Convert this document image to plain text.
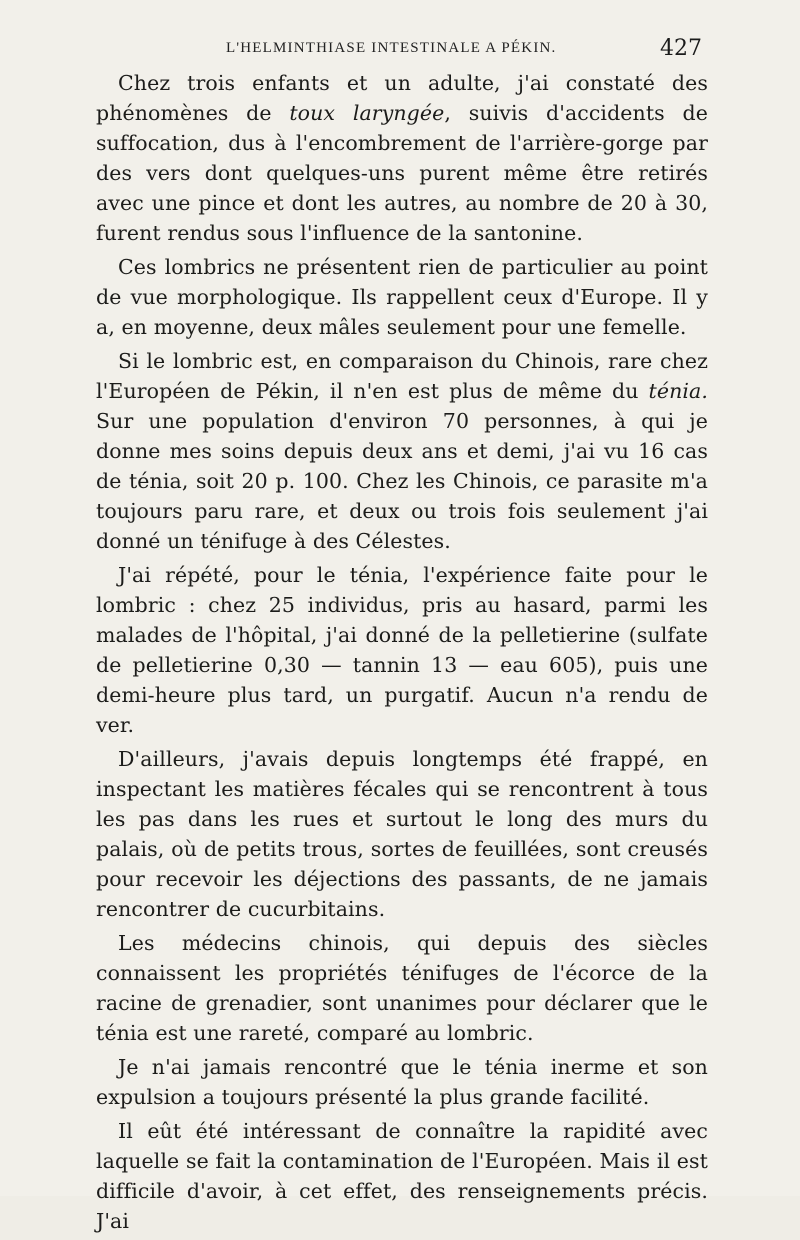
L'HELMINTHIASE INTESTINALE A PÉKIN.	427

Chez trois enfants et un adulte, j'ai constaté des phénomènes de toux laryngée, suivis d'accidents de suffocation, dus à l'encombrement de l'arrière-gorge par des vers dont quelques-uns purent même être retirés avec une pince et dont les autres, au nombre de 20 à 30, furent rendus sous l'influence de la santonine.

Ces lombrics ne présentent rien de particulier au point de vue morphologique. Ils rappellent ceux d'Europe. Il y a, en moyenne, deux mâles seulement pour une femelle.

Si le lombric est, en comparaison du Chinois, rare chez l'Européen de Pékin, il n'en est plus de même du ténia. Sur une population d'environ 70 personnes, à qui je donne mes soins depuis deux ans et demi, j'ai vu 16 cas de ténia, soit 20 p. 100. Chez les Chinois, ce parasite m'a toujours paru rare, et deux ou trois fois seulement j'ai donné un ténifuge à des Célestes.

J'ai répété, pour le ténia, l'expérience faite pour le lombric : chez 25 individus, pris au hasard, parmi les malades de l'hôpital, j'ai donné de la pelletierine (sulfate de pelletierine 0,30 — tannin 13 — eau 605), puis une demi-heure plus tard, un purgatif. Aucun n'a rendu de ver.

D'ailleurs, j'avais depuis longtemps été frappé, en inspectant les matières fécales qui se rencontrent à tous les pas dans les rues et surtout le long des murs du palais, où de petits trous, sortes de feuillées, sont creusés pour recevoir les déjections des passants, de ne jamais rencontrer de cucurbitains.

Les médecins chinois, qui depuis des siècles connaissent les propriétés ténifuges de l'écorce de la racine de grenadier, sont unanimes pour déclarer que le ténia est une rareté, comparé au lombric.

Je n'ai jamais rencontré que le ténia inerme et son expulsion a toujours présenté la plus grande facilité.

Il eût été intéressant de connaître la rapidité avec laquelle se fait la contamination de l'Européen. Mais il est difficile d'avoir, à cet effet, des renseignements précis. J'ai
